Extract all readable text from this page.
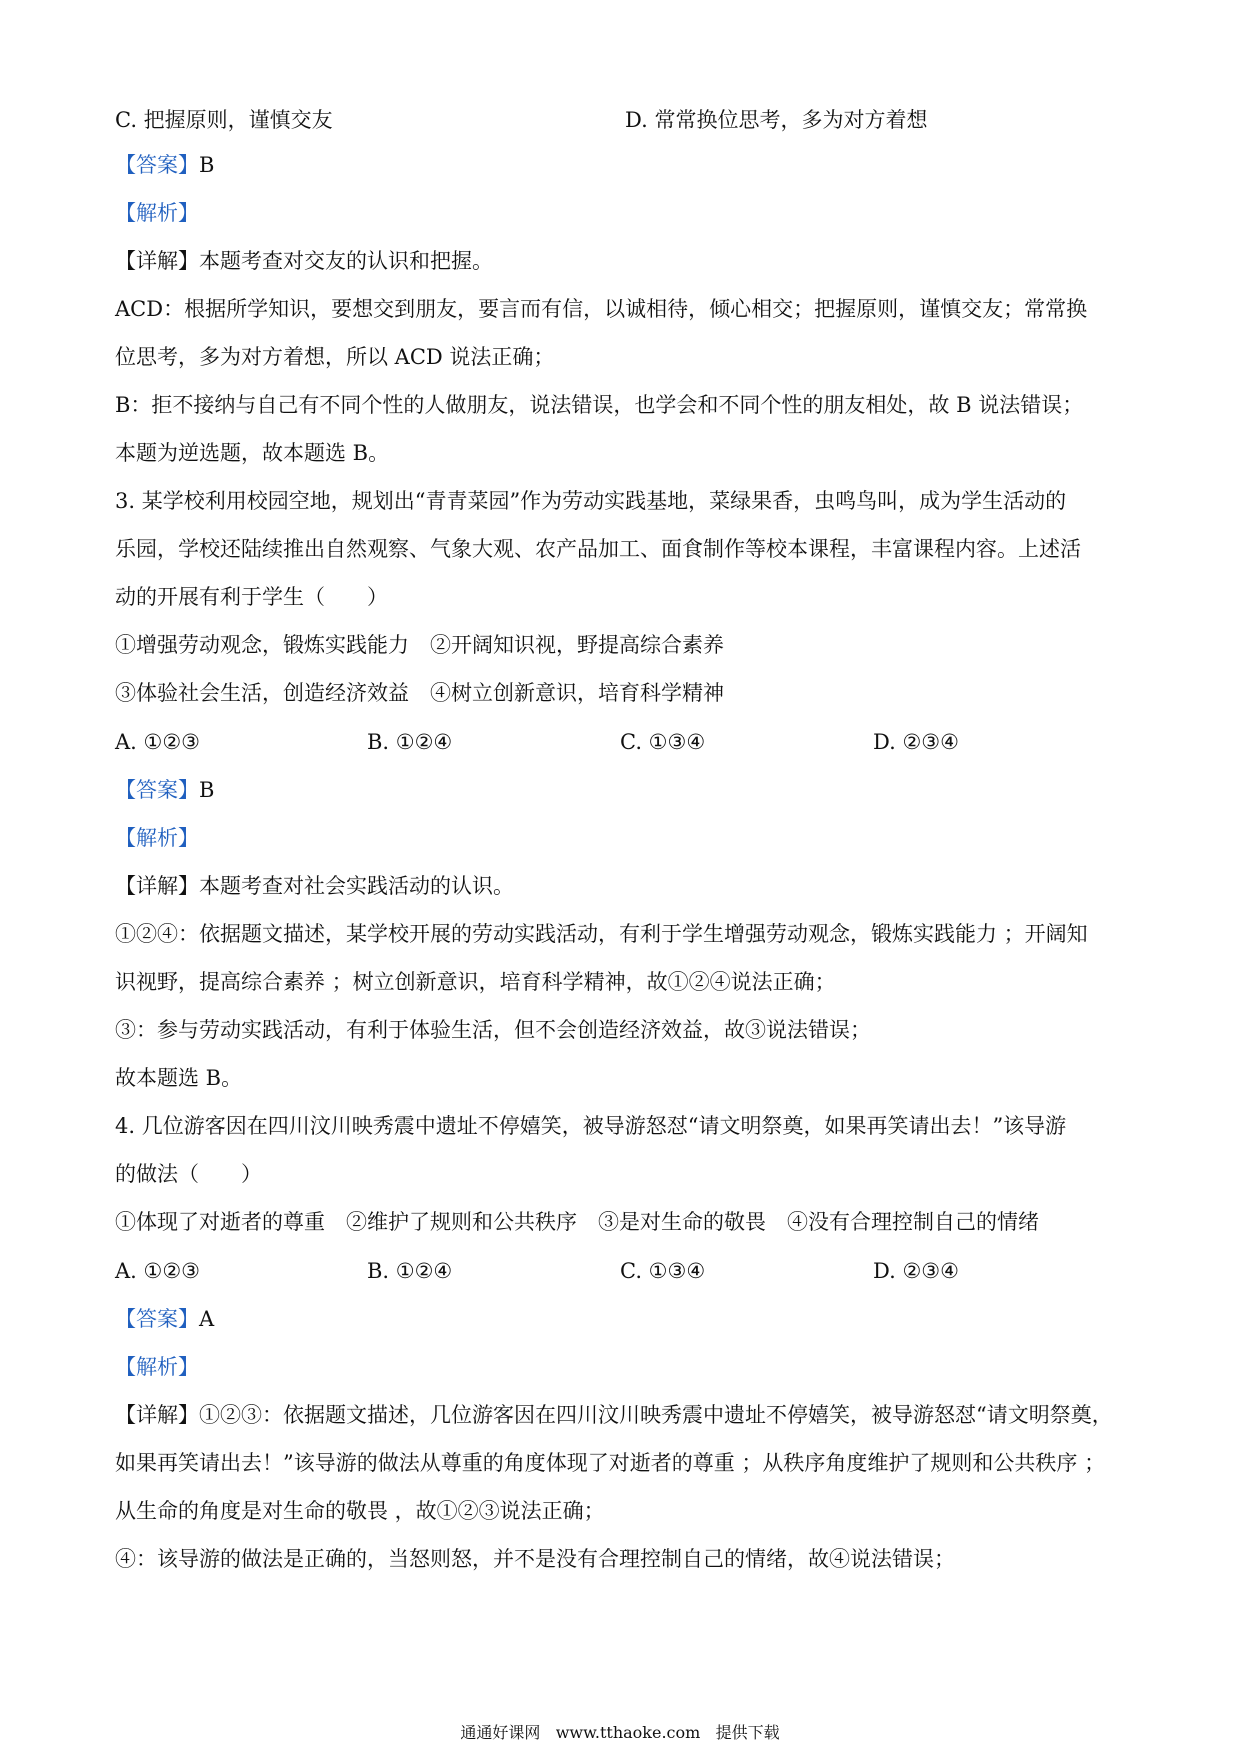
C. 把握原则，谨慎交友	D. 常常换位思考，多为对方着想
【答案】B
【解析】
【详解】本题考查对交友的认识和把握。
ACD：根据所学知识，要想交到朋友，要言而有信，以诚相待，倾心相交；把握原则，谨慎交友；常常换
位思考，多为对方着想，所以 ACD 说法正确；
B：拒不接纳与自己有不同个性的人做朋友，说法错误，也学会和不同个性的朋友相处，故 B 说法错误；
本题为逆选题，故本题选 B。
3. 某学校利用校园空地，规划出“青青菜园”作为劳动实践基地，菜绿果香，虫鸣鸟叫，成为学生活动的
乐园，学校还陆续推出自然观察、气象大观、农产品加工、面食制作等校本课程，丰富课程内容。上述活
动的开展有利于学生（　　）
①增强劳动观念，锻炼实践能力　②开阔知识视，野提高综合素养
③体验社会生活，创造经济效益　④树立创新意识，培育科学精神
A. ①②③	B. ①②④	C. ①③④	D. ②③④
【答案】B
【解析】
【详解】本题考查对社会实践活动的认识。
①②④：依据题文描述，某学校开展的劳动实践活动，有利于学生增强劳动观念，锻炼实践能力 ；开阔知
识视野，提高综合素养 ；树立创新意识，培育科学精神，故①②④说法正确；
③：参与劳动实践活动，有利于体验生活，但不会创造经济效益，故③说法错误；
故本题选 B。
4. 几位游客因在四川汶川映秀震中遗址不停嬉笑，被导游怒怼“请文明祭奠，如果再笑请出去！”该导游
的做法（　　）
①体现了对逝者的尊重　②维护了规则和公共秩序　③是对生命的敬畏　④没有合理控制自己的情绪
A. ①②③	B. ①②④	C. ①③④	D. ②③④
【答案】A
【解析】
【详解】①②③：依据题文描述，几位游客因在四川汶川映秀震中遗址不停嬉笑，被导游怒怼“请文明祭奠，
如果再笑请出去！”该导游的做法从尊重的角度体现了对逝者的尊重 ；从秩序角度维护了规则和公共秩序 ；
从生命的角度是对生命的敬畏 ，故①②③说法正确；
④：该导游的做法是正确的，当怒则怒，并不是没有合理控制自己的情绪，故④说法错误；
通通好课网 www.tthaoke.com 提供下载
